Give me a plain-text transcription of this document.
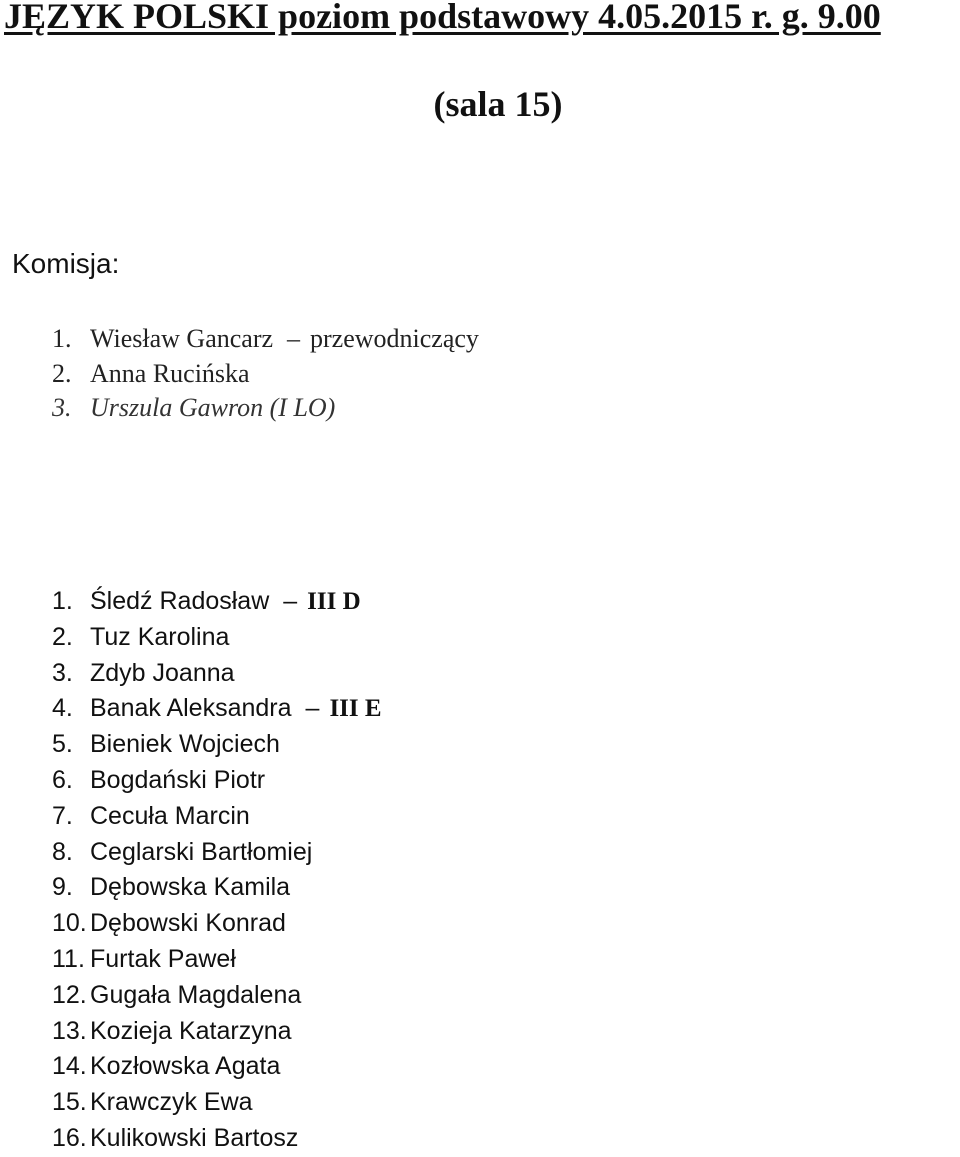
JĘZYK POLSKI poziom podstawowy 4.05.2015 r. g. 9.00
(sala 15)
Komisja:
1. Wiesław Gancarz – przewodniczący
2. Anna Rucińska
3. Urszula Gawron (I LO)
1. Śledź Radosław – III D
2. Tuz Karolina
3. Zdyb Joanna
4. Banak Aleksandra – III E
5. Bieniek Wojciech
6. Bogdański Piotr
7. Cecuła Marcin
8. Ceglarski Bartłomiej
9. Dębowska Kamila
10. Dębowski Konrad
11. Furtak Paweł
12. Gugała Magdalena
13. Kozieja Katarzyna
14. Kozłowska Agata
15. Krawczyk Ewa
16. Kulikowski Bartosz
